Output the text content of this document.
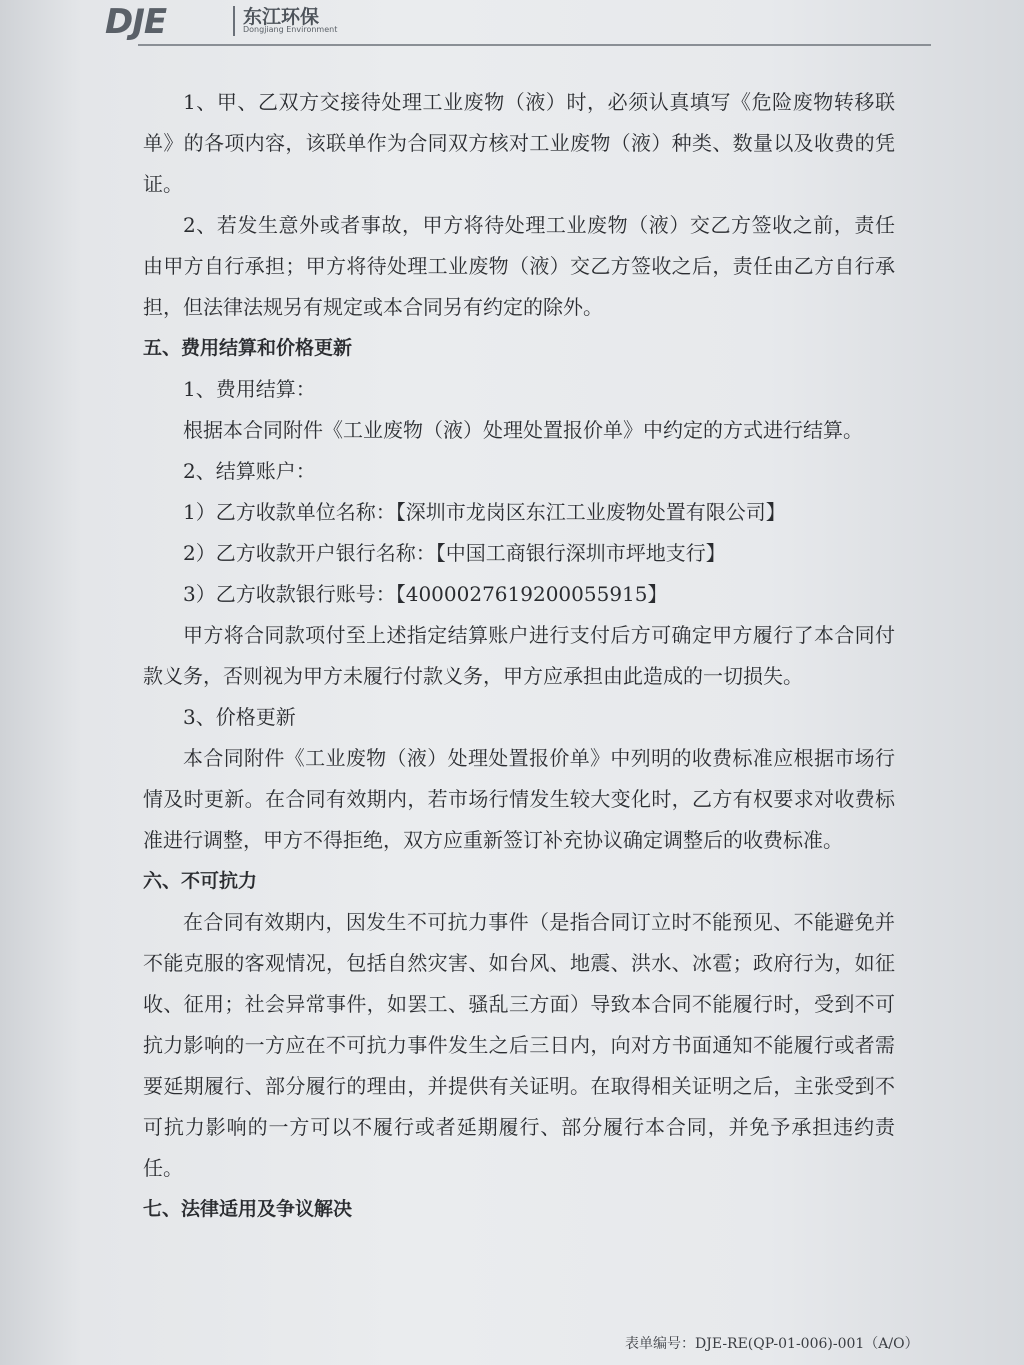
DJE	东江环保
Dongjiang Environment

1、甲、乙双方交接待处理工业废物（液）时，必须认真填写《危险废物转移联单》的各项内容，该联单作为合同双方核对工业废物（液）种类、数量以及收费的凭证。

2、若发生意外或者事故，甲方将待处理工业废物（液）交乙方签收之前，责任由甲方自行承担；甲方将待处理工业废物（液）交乙方签收之后，责任由乙方自行承担，但法律法规另有规定或本合同另有约定的除外。

五、费用结算和价格更新

1、费用结算：

根据本合同附件《工业废物（液）处理处置报价单》中约定的方式进行结算。

2、结算账户：

1）乙方收款单位名称：【深圳市龙岗区东江工业废物处置有限公司】

2）乙方收款开户银行名称：【中国工商银行深圳市坪地支行】

3）乙方收款银行账号：【4000027619200055915】

甲方将合同款项付至上述指定结算账户进行支付后方可确定甲方履行了本合同付款义务，否则视为甲方未履行付款义务，甲方应承担由此造成的一切损失。

3、价格更新

本合同附件《工业废物（液）处理处置报价单》中列明的收费标准应根据市场行情及时更新。在合同有效期内，若市场行情发生较大变化时，乙方有权要求对收费标准进行调整，甲方不得拒绝，双方应重新签订补充协议确定调整后的收费标准。

六、不可抗力

在合同有效期内，因发生不可抗力事件（是指合同订立时不能预见、不能避免并不能克服的客观情况，包括自然灾害、如台风、地震、洪水、冰雹；政府行为，如征收、征用；社会异常事件，如罢工、骚乱三方面）导致本合同不能履行时，受到不可抗力影响的一方应在不可抗力事件发生之后三日内，向对方书面通知不能履行或者需要延期履行、部分履行的理由，并提供有关证明。在取得相关证明之后，主张受到不可抗力影响的一方可以不履行或者延期履行、部分履行本合同，并免予承担违约责任。

七、法律适用及争议解决

表单编号：DJE-RE(QP-01-006)-001（A/O）
